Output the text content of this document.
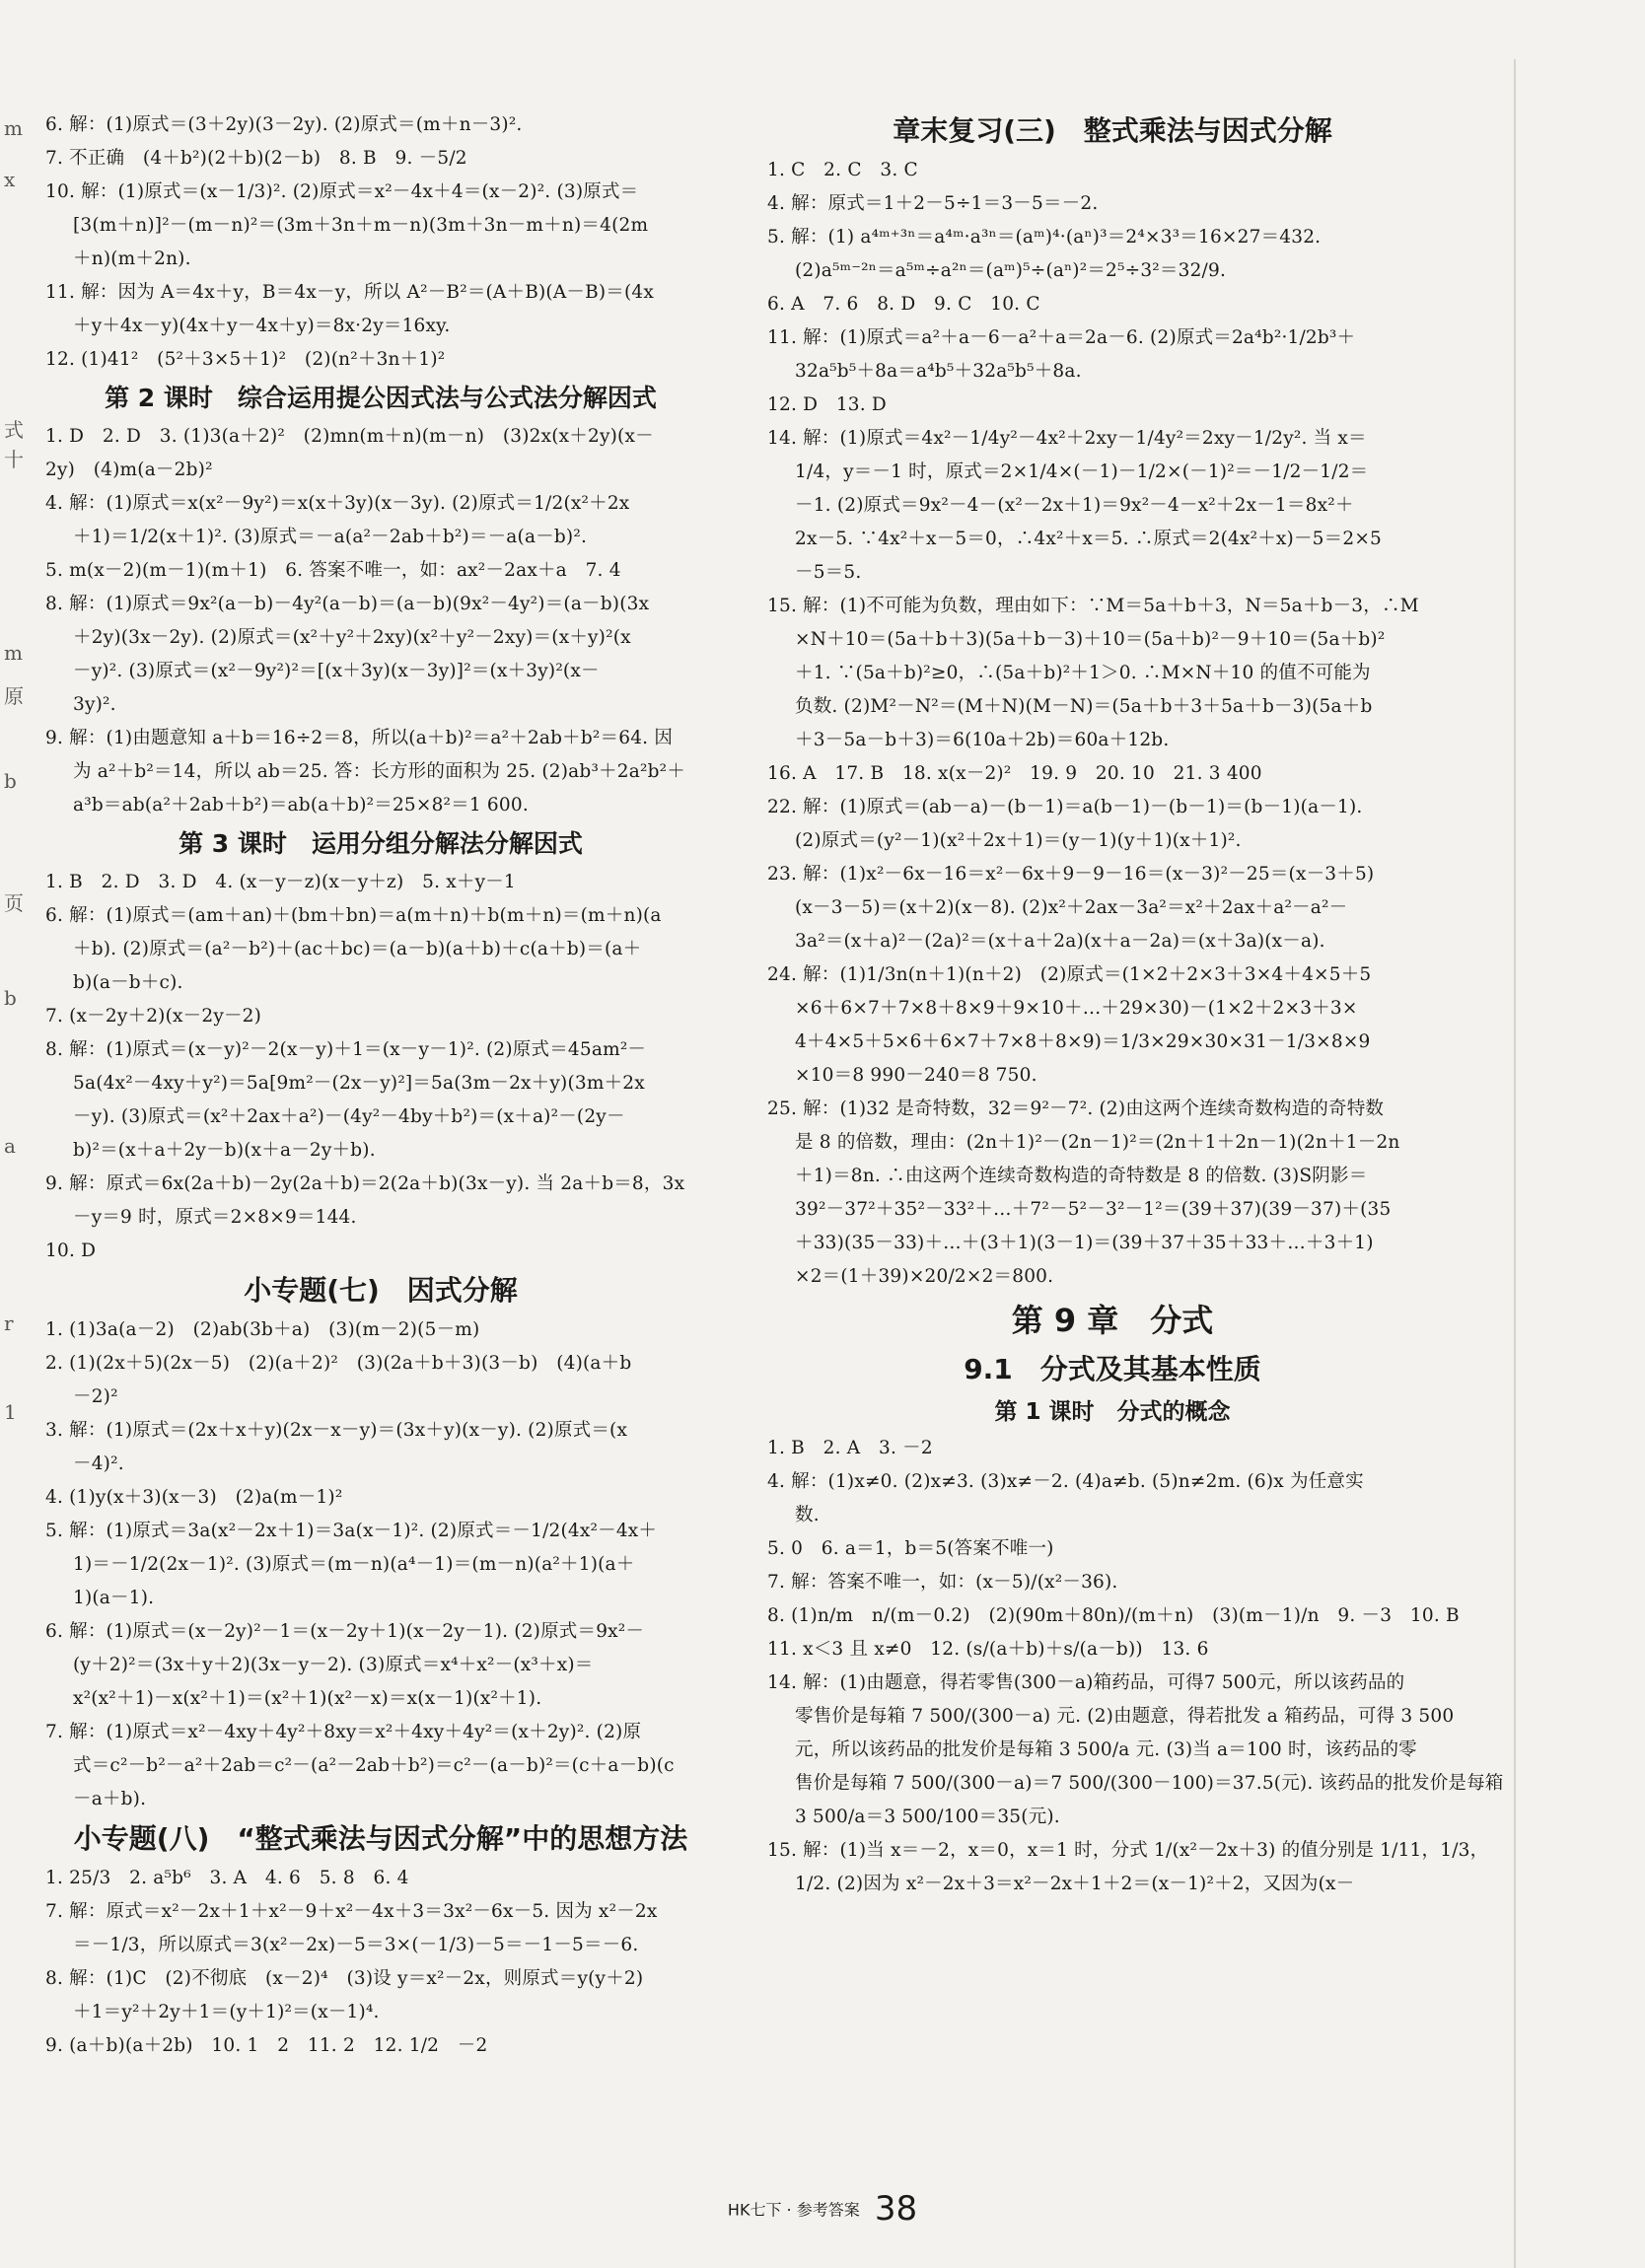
m
x
式
十
m
原
b
页
b
a
r
1
6. 解：(1)原式＝(3＋2y)(3－2y). (2)原式＝(m＋n－3)².
7. 不正确　(4＋b²)(2＋b)(2－b)　8. B　9. －5/2
10. 解：(1)原式＝(x－1/3)². (2)原式＝x²－4x＋4＝(x－2)². (3)原式＝
[3(m＋n)]²－(m－n)²＝(3m＋3n＋m－n)(3m＋3n－m＋n)＝4(2m
＋n)(m＋2n).
11. 解：因为 A＝4x＋y，B＝4x－y，所以 A²－B²＝(A＋B)(A－B)＝(4x
＋y＋4x－y)(4x＋y－4x＋y)＝8x·2y＝16xy.
12. (1)41²　(5²＋3×5＋1)²　(2)(n²＋3n＋1)²
第 2 课时　综合运用提公因式法与公式法分解因式
1. D　2. D　3. (1)3(a＋2)²　(2)mn(m＋n)(m－n)　(3)2x(x＋2y)(x－
2y)　(4)m(a－2b)²
4. 解：(1)原式＝x(x²－9y²)＝x(x＋3y)(x－3y). (2)原式＝1/2(x²＋2x
＋1)＝1/2(x＋1)². (3)原式＝－a(a²－2ab＋b²)＝－a(a－b)².
5. m(x－2)(m－1)(m＋1)　6. 答案不唯一，如：ax²－2ax＋a　7. 4
8. 解：(1)原式＝9x²(a－b)－4y²(a－b)＝(a－b)(9x²－4y²)＝(a－b)(3x
＋2y)(3x－2y). (2)原式＝(x²＋y²＋2xy)(x²＋y²－2xy)＝(x＋y)²(x
－y)². (3)原式＝(x²－9y²)²＝[(x＋3y)(x－3y)]²＝(x＋3y)²(x－
3y)².
9. 解：(1)由题意知 a＋b＝16÷2＝8，所以(a＋b)²＝a²＋2ab＋b²＝64. 因
为 a²＋b²＝14，所以 ab＝25. 答：长方形的面积为 25. (2)ab³＋2a²b²＋
a³b＝ab(a²＋2ab＋b²)＝ab(a＋b)²＝25×8²＝1 600.
第 3 课时　运用分组分解法分解因式
1. B　2. D　3. D　4. (x－y－z)(x－y＋z)　5. x＋y－1
6. 解：(1)原式＝(am＋an)＋(bm＋bn)＝a(m＋n)＋b(m＋n)＝(m＋n)(a
＋b). (2)原式＝(a²－b²)＋(ac＋bc)＝(a－b)(a＋b)＋c(a＋b)＝(a＋
b)(a－b＋c).
7. (x－2y＋2)(x－2y－2)
8. 解：(1)原式＝(x－y)²－2(x－y)＋1＝(x－y－1)². (2)原式＝45am²－
5a(4x²－4xy＋y²)＝5a[9m²－(2x－y)²]＝5a(3m－2x＋y)(3m＋2x
－y). (3)原式＝(x²＋2ax＋a²)－(4y²－4by＋b²)＝(x＋a)²－(2y－
b)²＝(x＋a＋2y－b)(x＋a－2y＋b).
9. 解：原式＝6x(2a＋b)－2y(2a＋b)＝2(2a＋b)(3x－y). 当 2a＋b＝8，3x
－y＝9 时，原式＝2×8×9＝144.
10. D
小专题(七)　因式分解
1. (1)3a(a－2)　(2)ab(3b＋a)　(3)(m－2)(5－m)
2. (1)(2x＋5)(2x－5)　(2)(a＋2)²　(3)(2a＋b＋3)(3－b)　(4)(a＋b
－2)²
3. 解：(1)原式＝(2x＋x＋y)(2x－x－y)＝(3x＋y)(x－y). (2)原式＝(x
－4)².
4. (1)y(x＋3)(x－3)　(2)a(m－1)²
5. 解：(1)原式＝3a(x²－2x＋1)＝3a(x－1)². (2)原式＝－1/2(4x²－4x＋
1)＝－1/2(2x－1)². (3)原式＝(m－n)(a⁴－1)＝(m－n)(a²＋1)(a＋
1)(a－1).
6. 解：(1)原式＝(x－2y)²－1＝(x－2y＋1)(x－2y－1). (2)原式＝9x²－
(y＋2)²＝(3x＋y＋2)(3x－y－2). (3)原式＝x⁴＋x²－(x³＋x)＝
x²(x²＋1)－x(x²＋1)＝(x²＋1)(x²－x)＝x(x－1)(x²＋1).
7. 解：(1)原式＝x²－4xy＋4y²＋8xy＝x²＋4xy＋4y²＝(x＋2y)². (2)原
式＝c²－b²－a²＋2ab＝c²－(a²－2ab＋b²)＝c²－(a－b)²＝(c＋a－b)(c
－a＋b).
小专题(八)　“整式乘法与因式分解”中的思想方法
1. 25/3　2. a⁵b⁶　3. A　4. 6　5. 8　6. 4
7. 解：原式＝x²－2x＋1＋x²－9＋x²－4x＋3＝3x²－6x－5. 因为 x²－2x
＝－1/3，所以原式＝3(x²－2x)－5＝3×(－1/3)－5＝－1－5＝－6.
8. 解：(1)C　(2)不彻底　(x－2)⁴　(3)设 y＝x²－2x，则原式＝y(y＋2)
＋1＝y²＋2y＋1＝(y＋1)²＝(x－1)⁴.
9. (a＋b)(a＋2b)　10. 1　2　11. 2　12. 1/2　－2
章末复习(三)　整式乘法与因式分解
1. C　2. C　3. C
4. 解：原式＝1＋2－5÷1＝3－5＝－2.
5. 解：(1) a⁴ᵐ⁺³ⁿ＝a⁴ᵐ·a³ⁿ＝(aᵐ)⁴·(aⁿ)³＝2⁴×3³＝16×27＝432.
(2)a⁵ᵐ⁻²ⁿ＝a⁵ᵐ÷a²ⁿ＝(aᵐ)⁵÷(aⁿ)²＝2⁵÷3²＝32/9.
6. A　7. 6　8. D　9. C　10. C
11. 解：(1)原式＝a²＋a－6－a²＋a＝2a－6. (2)原式＝2a⁴b²·1/2b³＋
32a⁵b⁵＋8a＝a⁴b⁵＋32a⁵b⁵＋8a.
12. D　13. D
14. 解：(1)原式＝4x²－1/4y²－4x²＋2xy－1/4y²＝2xy－1/2y². 当 x＝
1/4，y＝－1 时，原式＝2×1/4×(－1)－1/2×(－1)²＝－1/2－1/2＝
－1. (2)原式＝9x²－4－(x²－2x＋1)＝9x²－4－x²＋2x－1＝8x²＋
2x－5. ∵4x²＋x－5＝0，∴4x²＋x＝5. ∴原式＝2(4x²＋x)－5＝2×5
－5＝5.
15. 解：(1)不可能为负数，理由如下：∵M＝5a＋b＋3，N＝5a＋b－3，∴M
×N＋10＝(5a＋b＋3)(5a＋b－3)＋10＝(5a＋b)²－9＋10＝(5a＋b)²
＋1. ∵(5a＋b)²≥0，∴(5a＋b)²＋1＞0. ∴M×N＋10 的值不可能为
负数. (2)M²－N²＝(M＋N)(M－N)＝(5a＋b＋3＋5a＋b－3)(5a＋b
＋3－5a－b＋3)＝6(10a＋2b)＝60a＋12b.
16. A　17. B　18. x(x－2)²　19. 9　20. 10　21. 3 400
22. 解：(1)原式＝(ab－a)－(b－1)＝a(b－1)－(b－1)＝(b－1)(a－1).
(2)原式＝(y²－1)(x²＋2x＋1)＝(y－1)(y＋1)(x＋1)².
23. 解：(1)x²－6x－16＝x²－6x＋9－9－16＝(x－3)²－25＝(x－3＋5)
(x－3－5)＝(x＋2)(x－8). (2)x²＋2ax－3a²＝x²＋2ax＋a²－a²－
3a²＝(x＋a)²－(2a)²＝(x＋a＋2a)(x＋a－2a)＝(x＋3a)(x－a).
24. 解：(1)1/3n(n＋1)(n＋2)　(2)原式＝(1×2＋2×3＋3×4＋4×5＋5
×6＋6×7＋7×8＋8×9＋9×10＋…＋29×30)－(1×2＋2×3＋3×
4＋4×5＋5×6＋6×7＋7×8＋8×9)＝1/3×29×30×31－1/3×8×9
×10＝8 990－240＝8 750.
25. 解：(1)32 是奇特数，32＝9²－7². (2)由这两个连续奇数构造的奇特数
是 8 的倍数，理由：(2n＋1)²－(2n－1)²＝(2n＋1＋2n－1)(2n＋1－2n
＋1)＝8n. ∴由这两个连续奇数构造的奇特数是 8 的倍数. (3)S阴影＝
39²－37²＋35²－33²＋…＋7²－5²－3²－1²＝(39＋37)(39－37)＋(35
＋33)(35－33)＋…＋(3＋1)(3－1)＝(39＋37＋35＋33＋…＋3＋1)
×2＝(1＋39)×20/2×2＝800.
第 9 章　分式
9.1　分式及其基本性质
第 1 课时　分式的概念
1. B　2. A　3. －2
4. 解：(1)x≠0. (2)x≠3. (3)x≠－2. (4)a≠b. (5)n≠2m. (6)x 为任意实
数.
5. 0　6. a＝1，b＝5(答案不唯一)
7. 解：答案不唯一，如：(x－5)/(x²－36).
8. (1)n/m　n/(m－0.2)　(2)(90m＋80n)/(m＋n)　(3)(m－1)/n　9. －3　10. B
11. x＜3 且 x≠0　12. (s/(a＋b)＋s/(a－b))　13. 6
14. 解：(1)由题意，得若零售(300－a)箱药品，可得7 500元，所以该药品的
零售价是每箱 7 500/(300－a) 元. (2)由题意，得若批发 a 箱药品，可得 3 500
元，所以该药品的批发价是每箱 3 500/a 元. (3)当 a＝100 时，该药品的零
售价是每箱 7 500/(300－a)＝7 500/(300－100)＝37.5(元). 该药品的批发价是每箱
3 500/a＝3 500/100＝35(元).
15. 解：(1)当 x＝－2，x＝0，x＝1 时，分式 1/(x²－2x＋3) 的值分别是 1/11，1/3，
1/2. (2)因为 x²－2x＋3＝x²－2x＋1＋2＝(x－1)²＋2，又因为(x－
HK七下 · 参考答案 38
